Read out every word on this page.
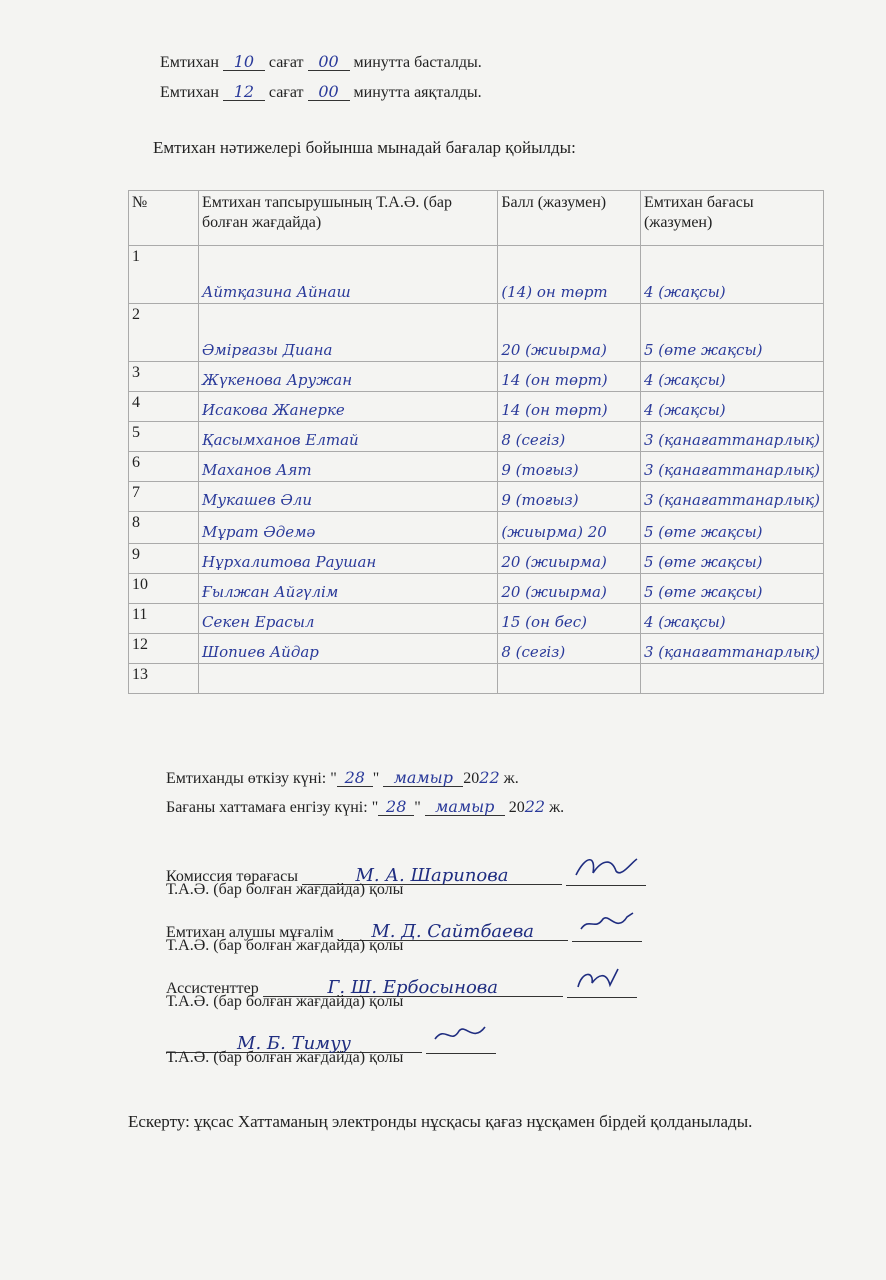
Емтихан 10 сағат 00 минутта басталды.
Емтихан 12 сағат 00 минутта аяқталды.
Емтихан нәтижелері бойынша мынадай бағалар қойылды:
№	Емтихан тапсырушының Т.А.Ә. (бар болған жағдайда)	Балл (жазумен)	Емтихан бағасы (жазумен)
1	Айтқазина Айнаш	(14) он төрт	4 (жақсы)
2	Әмірғазы Диана	20 (жиырма)	5 (өте жақсы)
3	Жүкенова Аружан	14 (он төрт)	4 (жақсы)
4	Исакова Жанерке	14 (он төрт)	4 (жақсы)
5	Қасымханов Елтай	8 (сегіз)	3 (қанағаттанарлық)
6	Маханов Аят	9 (тоғыз)	3 (қанағаттанарлық)
7	Мукашев Әли	9 (тоғыз)	3 (қанағаттанарлық)
8	Мұрат Әдемә	(жиырма) 20	5 (өте жақсы)
9	Нұрхалитова Раушан	20 (жиырма)	5 (өте жақсы)
10	Ғылжан Айгүлім	20 (жиырма)	5 (өте жақсы)
11	Секен Ерасыл	15 (он бес)	4 (жақсы)
12	Шопиев Айдар	8 (сегіз)	3 (қанағаттанарлық)
13			
Емтиханды өткізу күні: " 28 " мамыр 2022 ж.
Бағаны хаттамаға енгізу күні: " 28 " мамыр 2022 ж.
Комиссия төрағасы	М. А. Шарипова
Т.А.Ә. (бар болған жағдайда) қолы
Емтихан алушы мұғалім М. Д. Сайтбаева
Т.А.Ә. (бар болған жағдайда) қолы
Ассистенттер	Г. Ш. Ербосынова
Т.А.Ә. (бар болған жағдайда) қолы
М. Б. Тимуу
Т.А.Ә. (бар болған жағдайда) қолы
Ескерту: ұқсас Хаттаманың электронды нұсқасы қағаз нұсқамен бірдей қолданылады.
